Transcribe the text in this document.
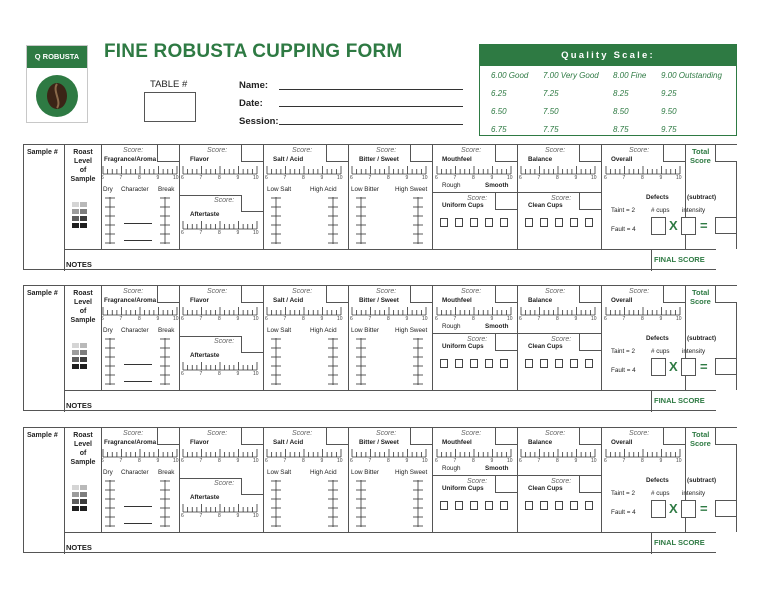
Q ROBUSTA	FINE ROBUSTA CUPPING FORM
TABLE #	Name:
Date:
Session:
Quality Scale:
6.00 Good	7.00 Very Good	8.00 Fine	9.00 Outstanding
6.25	7.25	8.25	9.25
6.50	7.50	8.50	9.50
6.75	7.75	8.75	9.75
Sample #	Roast
Level
of
Sample
Score:
Fragrance/Aroma
6	7	8	9	10
Dry Character Break
Score:
Flavor
6	7	8	9	10
Score:
Aftertaste
6	7	8	9	10
Score:
Salt / Acid
6	7	8	9	10
Low Salt	High Acid
Score:
Bitter / Sweet
6	7	8	9	10
Low Bitter	High Sweet
Score:
Mouthfeel
6	7	8	9	10
Rough	Smooth
Score:
Uniform Cups
Score:
Balance
6	7	8	9	10
Score:
Clean Cups
Score:
Overall
6	7	8	9	10
Defects	(subtract)
Taint = 2
Fault = 4
# cups intensity
X =
Total
Score
NOTES
FINAL SCORE
Sample #	Roast
Level
of
Sample
Score:
Fragrance/Aroma
6	7	8	9	10
Dry Character Break
Score:
Flavor
6	7	8	9	10
Score:
Aftertaste
6	7	8	9	10
Score:
Salt / Acid
6	7	8	9	10
Low Salt	High Acid
Score:
Bitter / Sweet
6	7	8	9	10
Low Bitter	High Sweet
Score:
Mouthfeel
6	7	8	9	10
Rough	Smooth
Score:
Uniform Cups
Score:
Balance
6	7	8	9	10
Score:
Clean Cups
Score:
Overall
6	7	8	9	10
Defects	(subtract)
Taint = 2
Fault = 4
# cups intensity
X =
Total
Score
NOTES
FINAL SCORE
Sample #	Roast
Level
of
Sample
Score:
Fragrance/Aroma
6	7	8	9	10
Dry Character Break
Score:
Flavor
6	7	8	9	10
Score:
Aftertaste
6	7	8	9	10
Score:
Salt / Acid
6	7	8	9	10
Low Salt	High Acid
Score:
Bitter / Sweet
6	7	8	9	10
Low Bitter	High Sweet
Score:
Mouthfeel
6	7	8	9	10
Rough	Smooth
Score:
Uniform Cups
Score:
Balance
6	7	8	9	10
Score:
Clean Cups
Score:
Overall
6	7	8	9	10
Defects	(subtract)
Taint = 2
Fault = 4
# cups intensity
X =
Total
Score
NOTES
FINAL SCORE
